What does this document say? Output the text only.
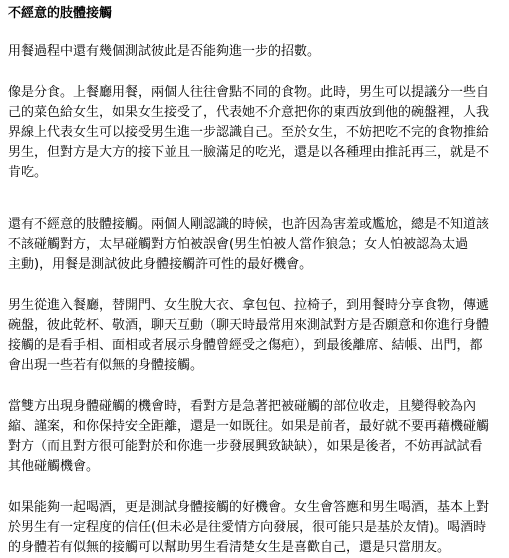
不經意的肢體接觸
用餐過程中還有幾個測試彼此是否能夠進一步的招數。
像是分食。上餐廳用餐，兩個人往往會點不同的食物。此時，男生可以提議分一些自
己的菜色給女生，如果女生接受了，代表她不介意把你的東西放到他的碗盤裡，人我
界線上代表女生可以接受男生進一步認識自己。至於女生，不妨把吃不完的食物推給
男生，但對方是大方的接下並且一臉滿足的吃光，還是以各種理由推託再三，就是不
肯吃。
還有不經意的肢體接觸。兩個人剛認識的時候，也許因為害羞或尷尬，總是不知道該
不該碰觸對方，太早碰觸對方怕被誤會(男生怕被人當作狼急；女人怕被認為太過
主動)，用餐是測試彼此身體接觸許可性的最好機會。
男生從進入餐廳，替開門、女生脫大衣、拿包包、拉椅子，到用餐時分享食物，傳遞
碗盤，彼此乾杯、敬酒，聊天互動（聊天時最常用來測試對方是否願意和你進行身體
接觸的是看手相、面相或者展示身體曾經受之傷疤），到最後離席、結帳、出門，都
會出現一些若有似無的身體接觸。
當雙方出現身體碰觸的機會時，看對方是急著把被碰觸的部位收走，且變得較為內
縮、謹案，和你保持安全距離，還是一如既往。如果是前者，最好就不要再藉機碰觸
對方（而且對方很可能對於和你進一步發展興致缺缺），如果是後者，不妨再試試看
其他碰觸機會。
如果能夠一起喝酒，更是測試身體接觸的好機會。女生會答應和男生喝酒，基本上對
於男生有一定程度的信任(但未必是往愛情方向發展，很可能只是基於友情)。喝酒時
的身體若有似無的接觸可以幫助男生看清楚女生是喜歡自己，還是只當朋友。
